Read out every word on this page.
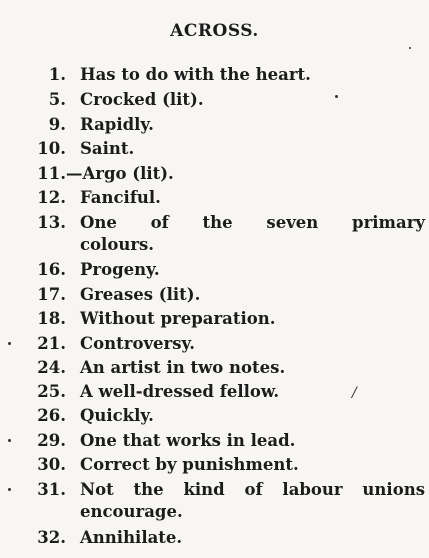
ACROSS.
1. Has to do with the heart.
5. Crocked (lit).
9. Rapidly.
10. Saint.
11. —Argo (lit).
12. Fanciful.
13. One of the seven primary
colours.
16. Progeny.
17. Greases (lit).
18. Without preparation.
21. Controversy.
24. An artist in two notes.
25. A well-dressed fellow.
26. Quickly.
29. One that works in lead.
30. Correct by punishment.
31. Not the kind of labour unions
encourage.
32. Annihilate.
/
